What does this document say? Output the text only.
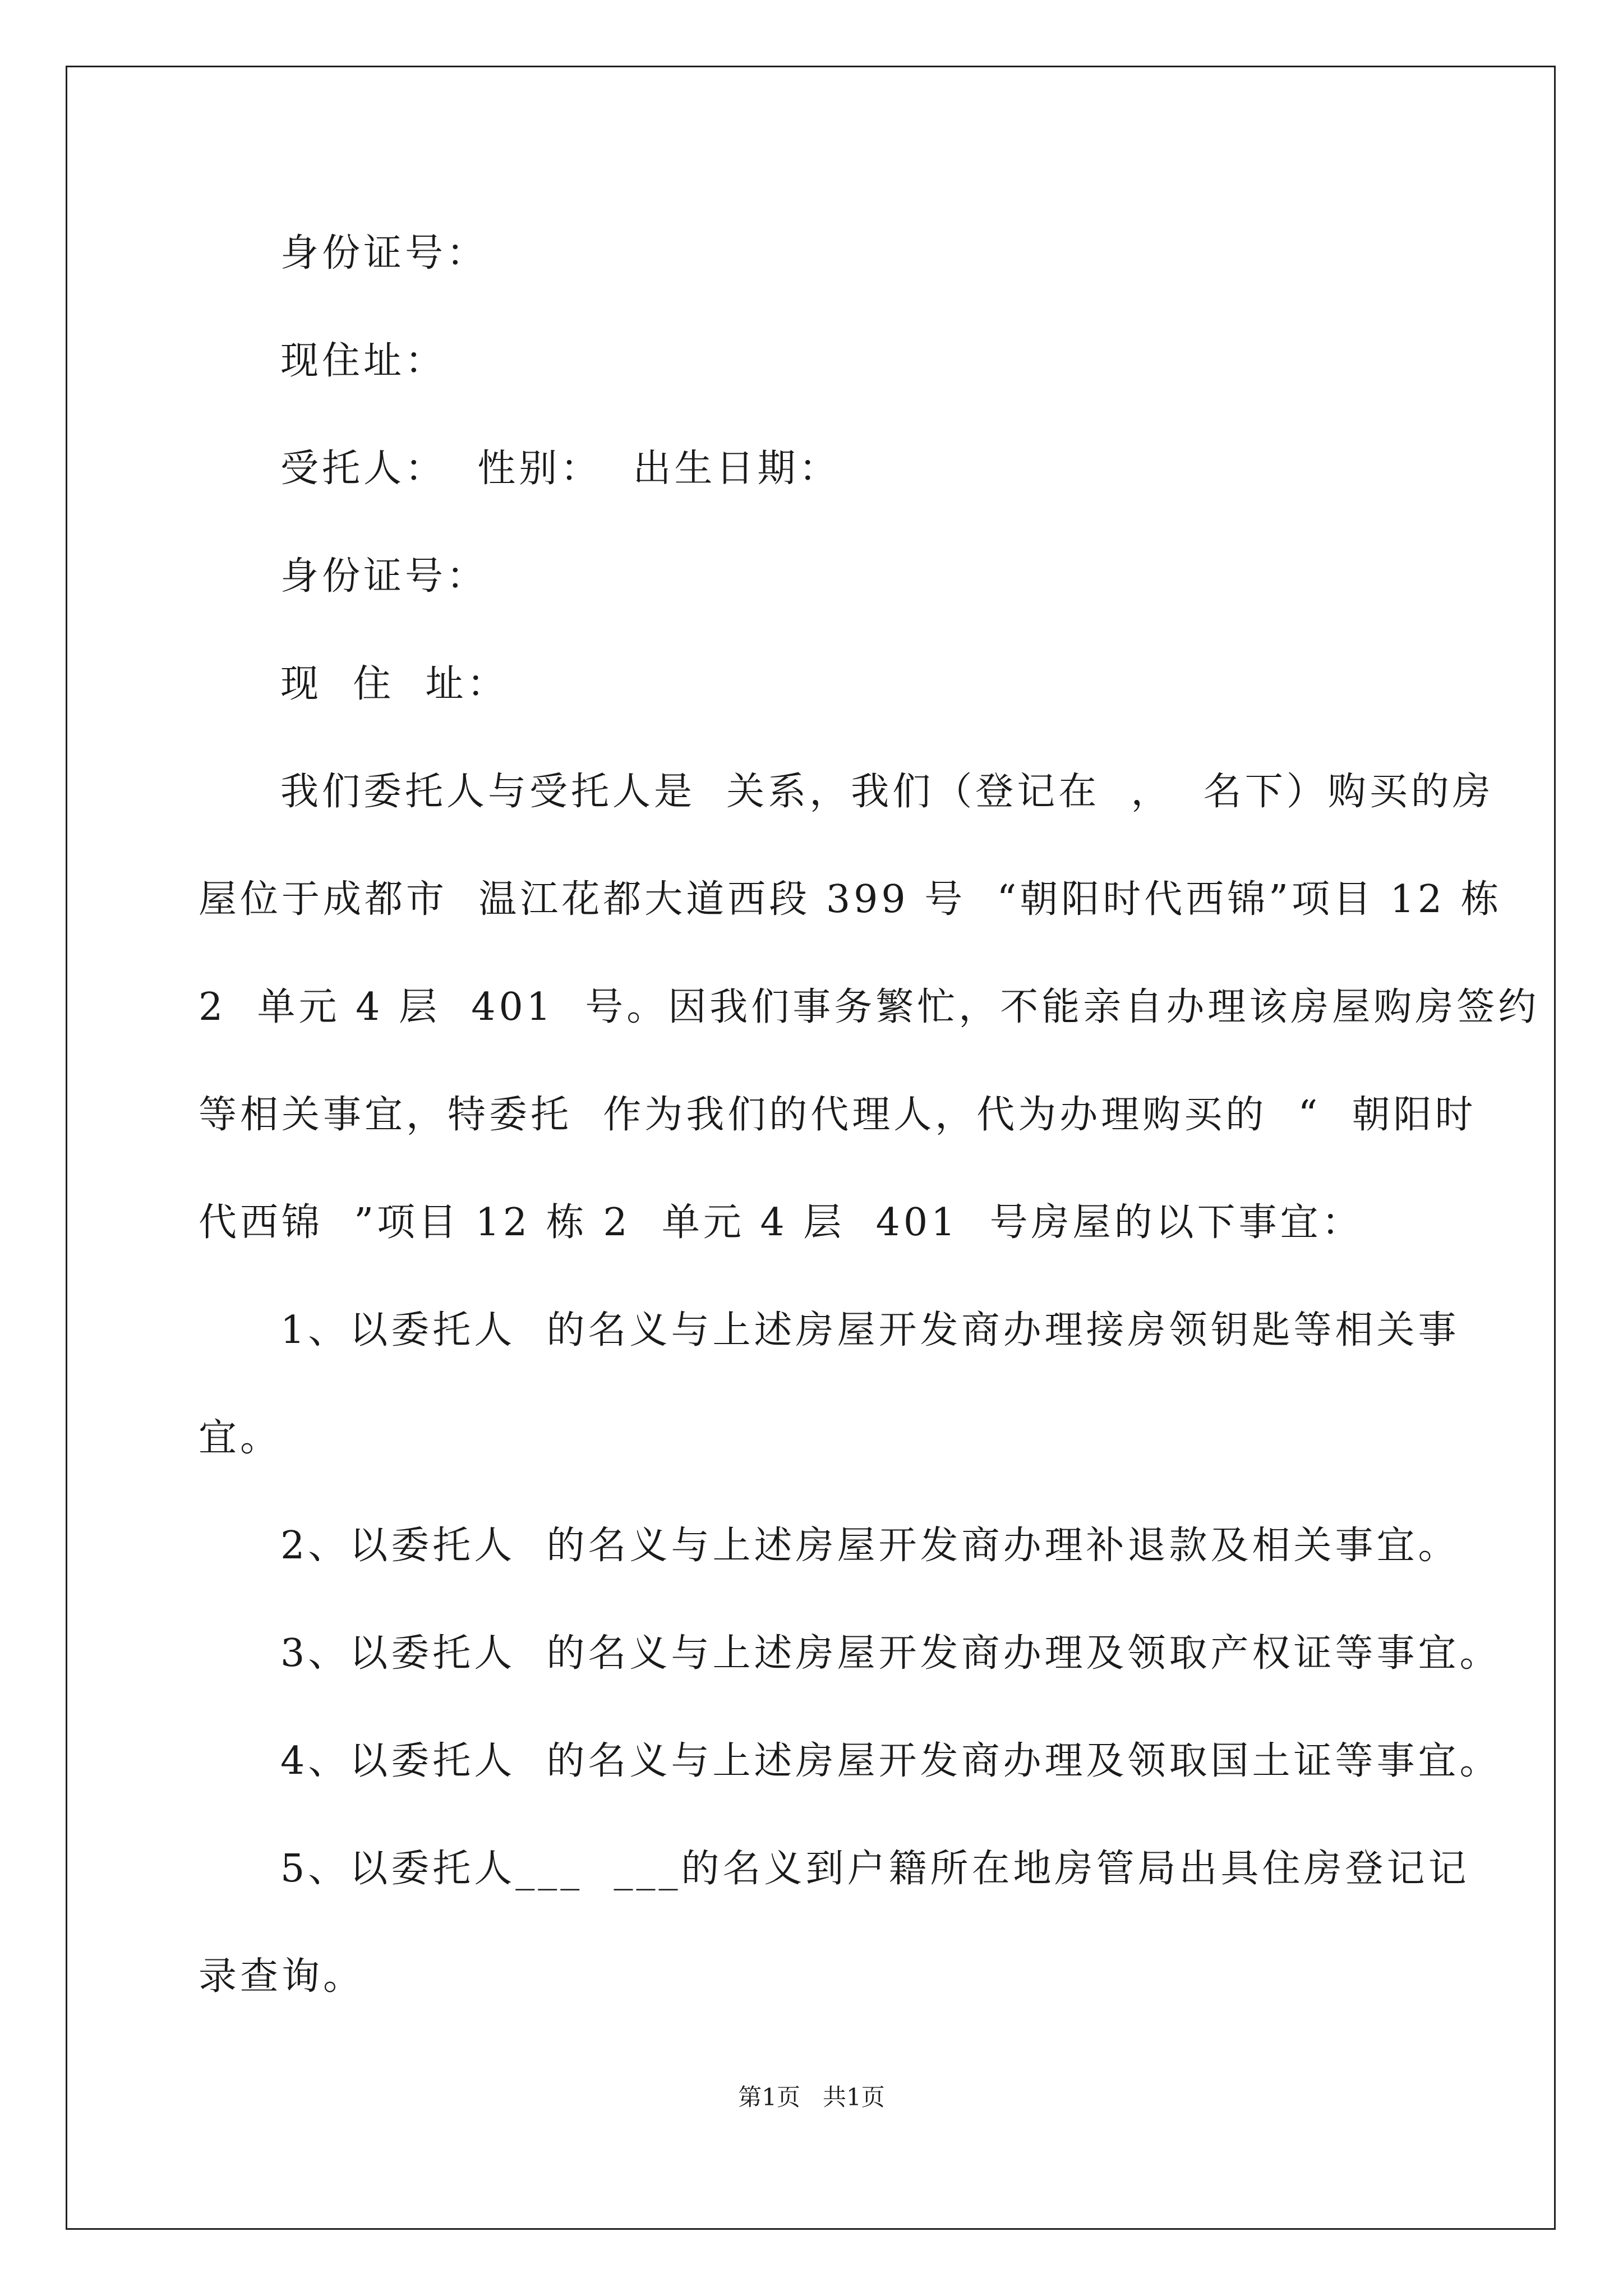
身份证号：
现住址：
受托人：  性别：  出生日期：
身份证号：
现  住  址：
我们委托人与受托人是  关系，我们（登记在  ，  名下）购买的房
屋位于成都市  温江花都大道西段 399 号  “朝阳时代西锦”项目 12 栋
2  单元 4 层  401  号。因我们事务繁忙，不能亲自办理该房屋购房签约
等相关事宜，特委托  作为我们的代理人，代为办理购买的  “  朝阳时
代西锦  ”项目 12 栋 2  单元 4 层  401  号房屋的以下事宜：
1、以委托人  的名义与上述房屋开发商办理接房领钥匙等相关事
宜。
2、以委托人  的名义与上述房屋开发商办理补退款及相关事宜。
3、以委托人  的名义与上述房屋开发商办理及领取产权证等事宜。
4、以委托人  的名义与上述房屋开发商办理及领取国土证等事宜。
5、以委托人___  ___的名义到户籍所在地房管局出具住房登记记
录查询。
第1页   共1页
